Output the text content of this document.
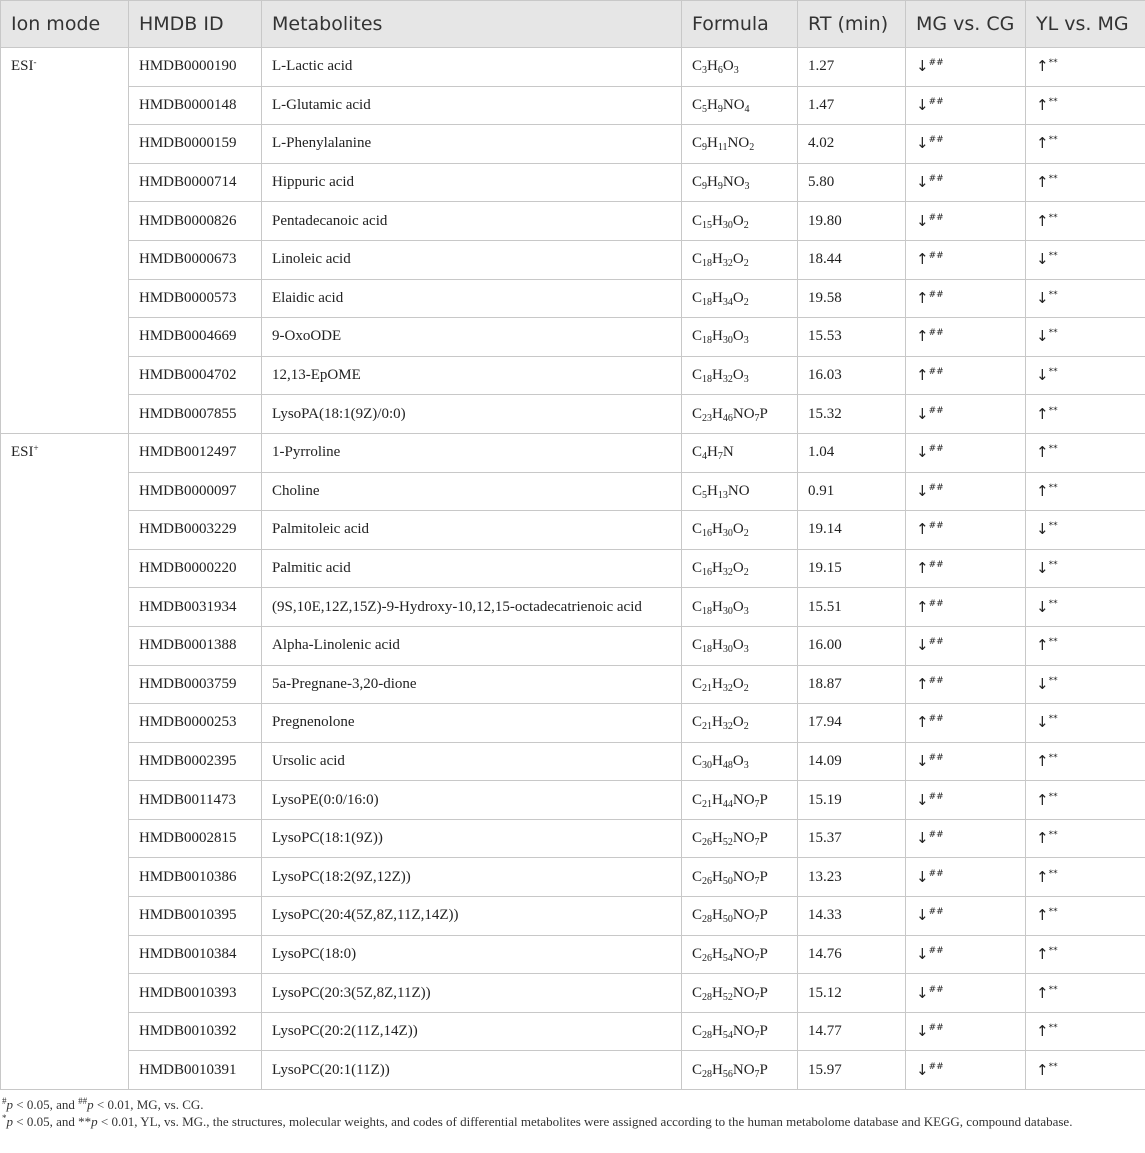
Ion mode	HMDB ID	Metabolites	Formula	RT (min)	MG vs. CG	YL vs. MG
ESI-	HMDB0000190	L-Lactic acid	$C_3H_6O_3$	1.27	↓##	↑**
	HMDB0000148	L-Glutamic acid	$C_5H_9NO_4$	1.47	↓##	↑**
	HMDB0000159	L-Phenylalanine	$C_9H_{11}NO_2$	4.02	↓##	↑**
	HMDB0000714	Hippuric acid	$C_9H_9NO_3$	5.80	↓##	↑**
	HMDB0000826	Pentadecanoic acid	$C_{15}H_{30}O_2$	19.80	↓##	↑**
	HMDB0000673	Linoleic acid	$C_{18}H_{32}O_2$	18.44	↑##	↓**
	HMDB0000573	Elaidic acid	$C_{18}H_{34}O_2$	19.58	↑##	↓**
	HMDB0004669	9-OxoODE	$C_{18}H_{30}O_3$	15.53	↑##	↓**
	HMDB0004702	12,13-EpOME	$C_{18}H_{32}O_3$	16.03	↑##	↓**
	HMDB0007855	LysoPA(18:1(9Z)/0:0)	$C_{23}H_{46}NO_7P$	15.32	↓##	↑**
ESI+	HMDB0012497	1-Pyrroline	$C_4H_7N$	1.04	↓##	↑**
	HMDB0000097	Choline	$C_5H_{13}NO$	0.91	↓##	↑**
	HMDB0003229	Palmitoleic acid	$C_{16}H_{30}O_2$	19.14	↑##	↓**
	HMDB0000220	Palmitic acid	$C_{16}H_{32}O_2$	19.15	↑##	↓**
	HMDB0031934	(9S,10E,12Z,15Z)-9-Hydroxy-10,12,15-octadecatrienoic acid	$C_{18}H_{30}O_3$	15.51	↑##	↓**
	HMDB0001388	Alpha-Linolenic acid	$C_{18}H_{30}O_3$	16.00	↓##	↑**
	HMDB0003759	5a-Pregnane-3,20-dione	$C_{21}H_{32}O_2$	18.87	↑##	↓**
	HMDB0000253	Pregnenolone	$C_{21}H_{32}O_2$	17.94	↑##	↓**
	HMDB0002395	Ursolic acid	$C_{30}H_{48}O_3$	14.09	↓##	↑**
	HMDB0011473	LysoPE(0:0/16:0)	$C_{21}H_{44}NO_7P$	15.19	↓##	↑**
	HMDB0002815	LysoPC(18:1(9Z))	$C_{26}H_{52}NO_7P$	15.37	↓##	↑**
	HMDB0010386	LysoPC(18:2(9Z,12Z))	$C_{26}H_{50}NO_7P$	13.23	↓##	↑**
	HMDB0010395	LysoPC(20:4(5Z,8Z,11Z,14Z))	$C_{28}H_{50}NO_7P$	14.33	↓##	↑**
	HMDB0010384	LysoPC(18:0)	$C_{26}H_{54}NO_7P$	14.76	↓##	↑**
	HMDB0010393	LysoPC(20:3(5Z,8Z,11Z))	$C_{28}H_{52}NO_7P$	15.12	↓##	↑**
	HMDB0010392	LysoPC(20:2(11Z,14Z))	$C_{28}H_{54}NO_7P$	14.77	↓##	↑**
	HMDB0010391	LysoPC(20:1(11Z))	$C_{28}H_{56}NO_7P$	15.97	↓##	↑**
#p < 0.05, and ##p < 0.01, MG, vs. CG.
*p < 0.05, and **p < 0.01, YL, vs. MG., the structures, molecular weights, and codes of differential metabolites were assigned according to the human metabolome database and KEGG, compound database.
